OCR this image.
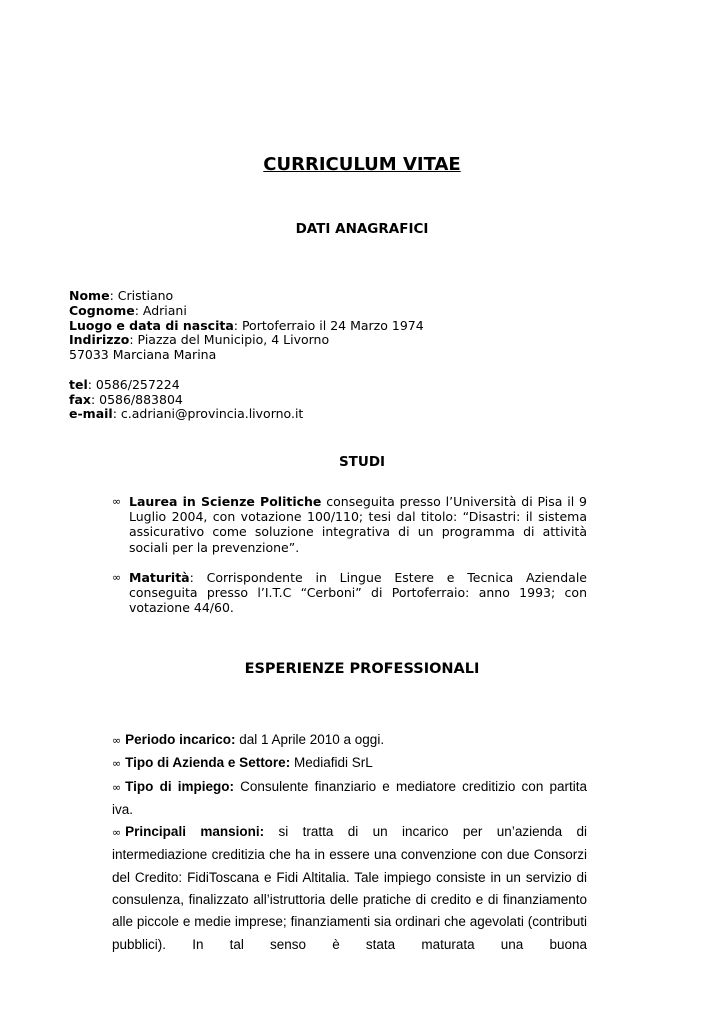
CURRICULUM VITAE
DATI ANAGRAFICI
Nome: Cristiano
Cognome: Adriani
Luogo e data di nascita: Portoferraio il 24 Marzo 1974
Indirizzo: Piazza del Municipio, 4 Livorno
57033 Marciana Marina
tel: 0586/257224
fax: 0586/883804
e-mail: c.adriani@provincia.livorno.it
STUDI
∞ Laurea in Scienze Politiche conseguita presso l’Università di Pisa il 9 Luglio 2004, con votazione 100/110; tesi dal titolo: “Disastri: il sistema assicurativo come soluzione integrativa di un programma di attività sociali per la prevenzione”.
∞ Maturità: Corrispondente in Lingue Estere e Tecnica Aziendale conseguita presso l’I.T.C “Cerboni” di Portoferraio: anno 1993; con votazione 44/60.
ESPERIENZE PROFESSIONALI

∞ Periodo incarico: dal 1 Aprile 2010 a oggi.

∞ Tipo di Azienda e Settore: Mediafidi SrL

∞ Tipo di impiego: Consulente finanziario e mediatore creditizio con partita iva.

∞ Principali mansioni: si tratta di un incarico per un’azienda di intermediazione creditizia che ha in essere una convenzione con due Consorzi del Credito: FidiToscana e Fidi Altitalia. Tale impiego consiste in un servizio di consulenza, finalizzato all’istruttoria delle pratiche di credito e di finanziamento alle piccole e medie imprese; finanziamenti sia ordinari che agevolati (contributi pubblici). In tal senso è stata maturata una buona
